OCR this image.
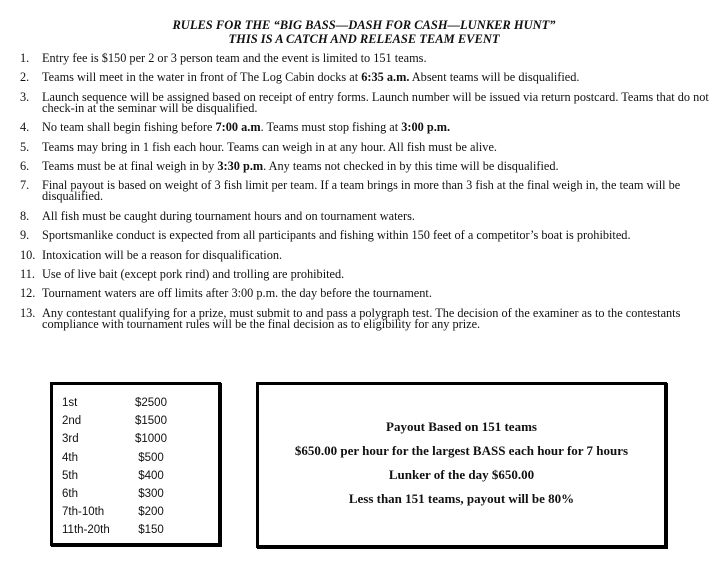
RULES FOR THE “BIG BASS—DASH FOR CASH—LUNKER HUNT”
THIS IS A CATCH AND RELEASE TEAM EVENT
1. Entry fee is $150 per 2 or 3 person team and the event is limited to 151 teams.
2. Teams will meet in the water in front of The Log Cabin docks at 6:35 a.m. Absent teams will be disqualified.
3. Launch sequence will be assigned based on receipt of entry forms. Launch number will be issued via return postcard. Teams that do not check-in at the seminar will be disqualified.
4. No team shall begin fishing before 7:00 a.m. Teams must stop fishing at 3:00 p.m.
5. Teams may bring in 1 fish each hour. Teams can weigh in at any hour. All fish must be alive.
6. Teams must be at final weigh in by 3:30 p.m. Any teams not checked in by this time will be disqualified.
7. Final payout is based on weight of 3 fish limit per team. If a team brings in more than 3 fish at the final weigh in, the team will be disqualified.
8. All fish must be caught during tournament hours and on tournament waters.
9. Sportsmanlike conduct is expected from all participants and fishing within 150 feet of a competitor’s boat is prohibited.
10. Intoxication will be a reason for disqualification.
11. Use of live bait (except pork rind) and trolling are prohibited.
12. Tournament waters are off limits after 3:00 p.m. the day before the tournament.
13. Any contestant qualifying for a prize, must submit to and pass a polygraph test. The decision of the examiner as to the contestants compliance with tournament rules will be the final decision as to eligibility for any prize.
1st	$2500
2nd	$1500
3rd	$1000
4th	$500
5th	$400
6th	$300
7th-10th	$200
11th-20th	$150
Payout Based on 151 teams
$650.00 per hour for the largest BASS each hour for 7 hours
Lunker of the day $650.00
Less than 151 teams, payout will be 80%
